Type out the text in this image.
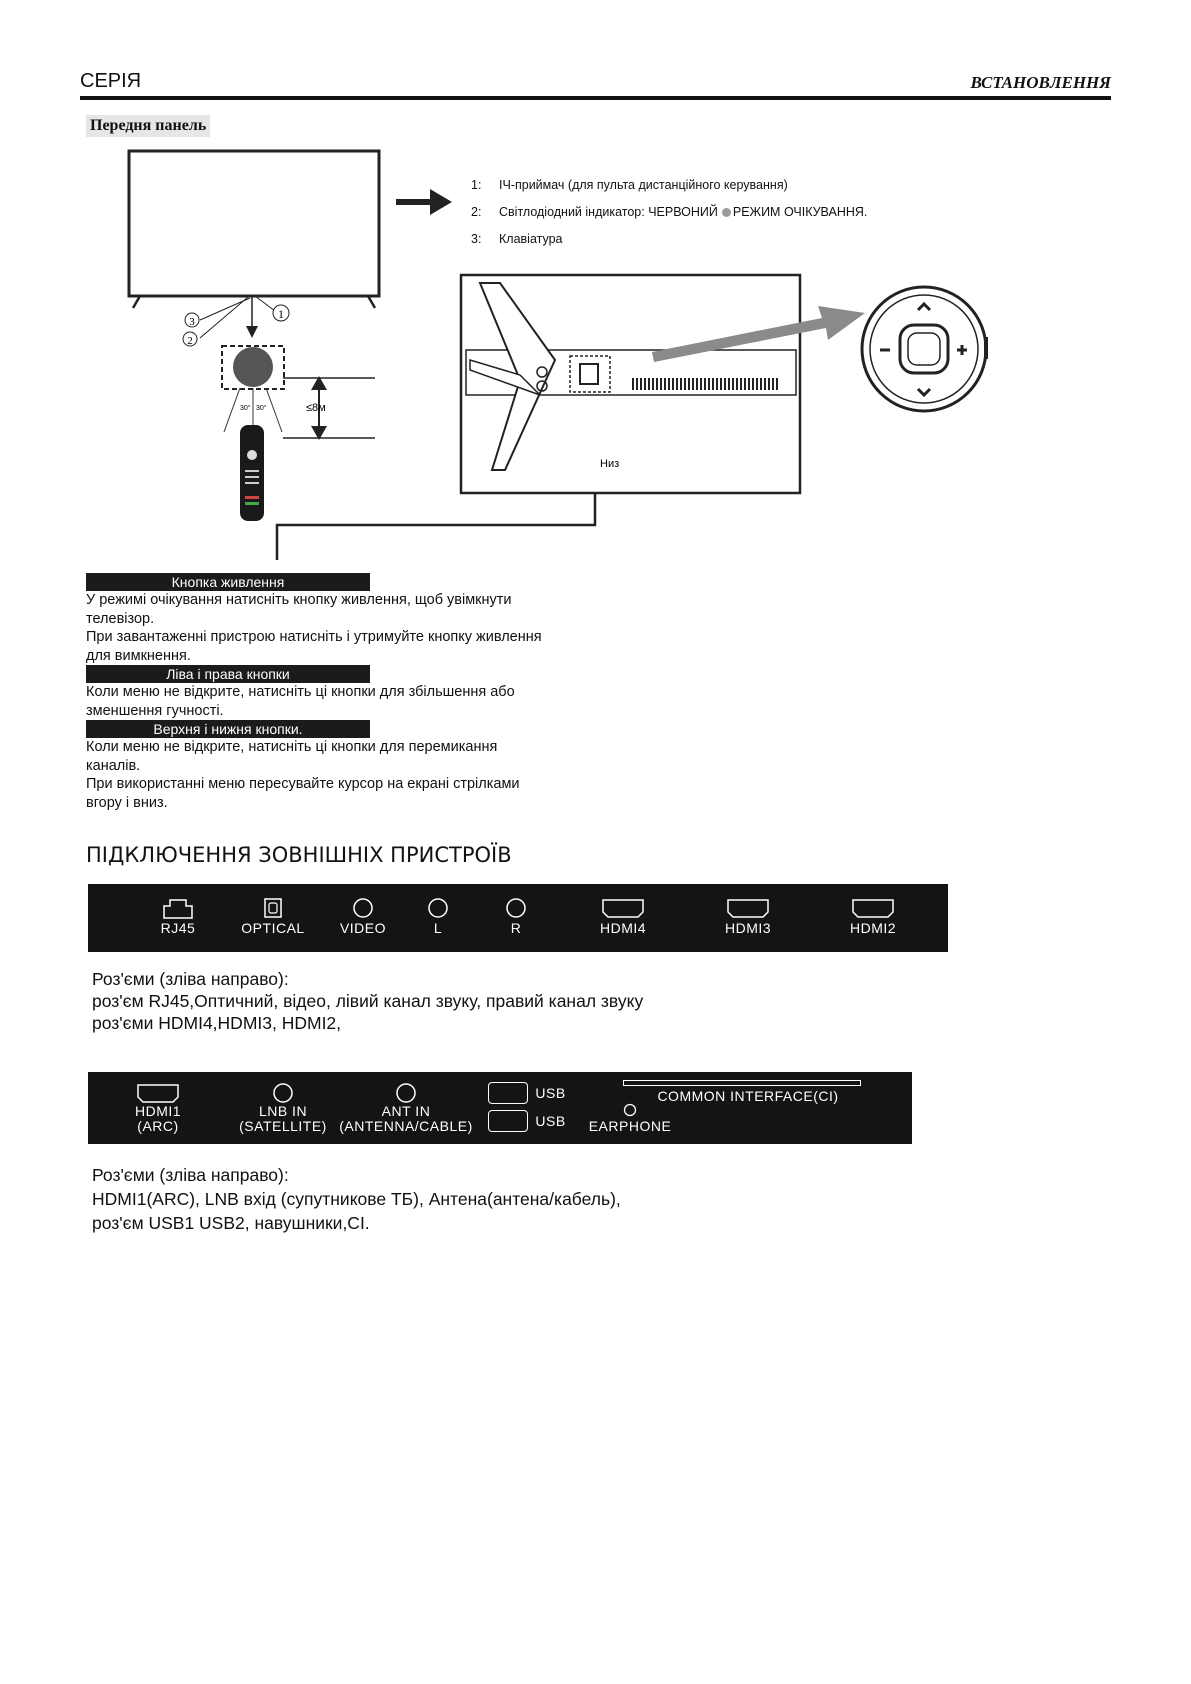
СЕРІЯ	ВСТАНОВЛЕННЯ
Передня панель
1
3
2
30° 30°	≤8м
Низ
1: ІЧ-приймач (для пульта дистанційного керування)
2: Світлодіодний індикатор: ЧЕРВОНИЙ РЕЖИМ ОЧІКУВАННЯ.
3: Клавіатура
Кнопка живлення
У режимі очікування натисніть кнопку живлення, щоб увімкнути
телевізор.
При завантаженні пристрою натисніть і утримуйте кнопку живлення
для вимкнення.
Ліва і права кнопки
Коли меню не відкрите, натисніть ці кнопки для збільшення або
зменшення гучності.
Верхня і нижня кнопки.
Коли меню не відкрите, натисніть ці кнопки для перемикання
каналів.
При використанні меню пересувайте курсор на екрані стрілками
вгору і вниз.
ПІДКЛЮЧЕННЯ ЗОВНІШНІХ ПРИСТРОЇВ
RJ45	OPTICAL	VIDEO	L	R	HDMI4	HDMI3	HDMI2
Роз'єми (зліва направо):
роз'єм RJ45,Оптичний, відео, лівий канал звуку, правий канал звуку
роз'єми HDMI4,HDMI3, HDMI2,
HDMI1
(ARC)
LNB IN
(SATELLITE)
ANT IN
(ANTENNA/CABLE)
USB
USB
COMMON INTERFACE(CI)
EARPHONE
Роз'єми (зліва направо):
HDMI1(ARC), LNB вхід (супутникове ТБ), Антена(антена/кабель),
роз'єм USB1 USB2, навушники,CI.
